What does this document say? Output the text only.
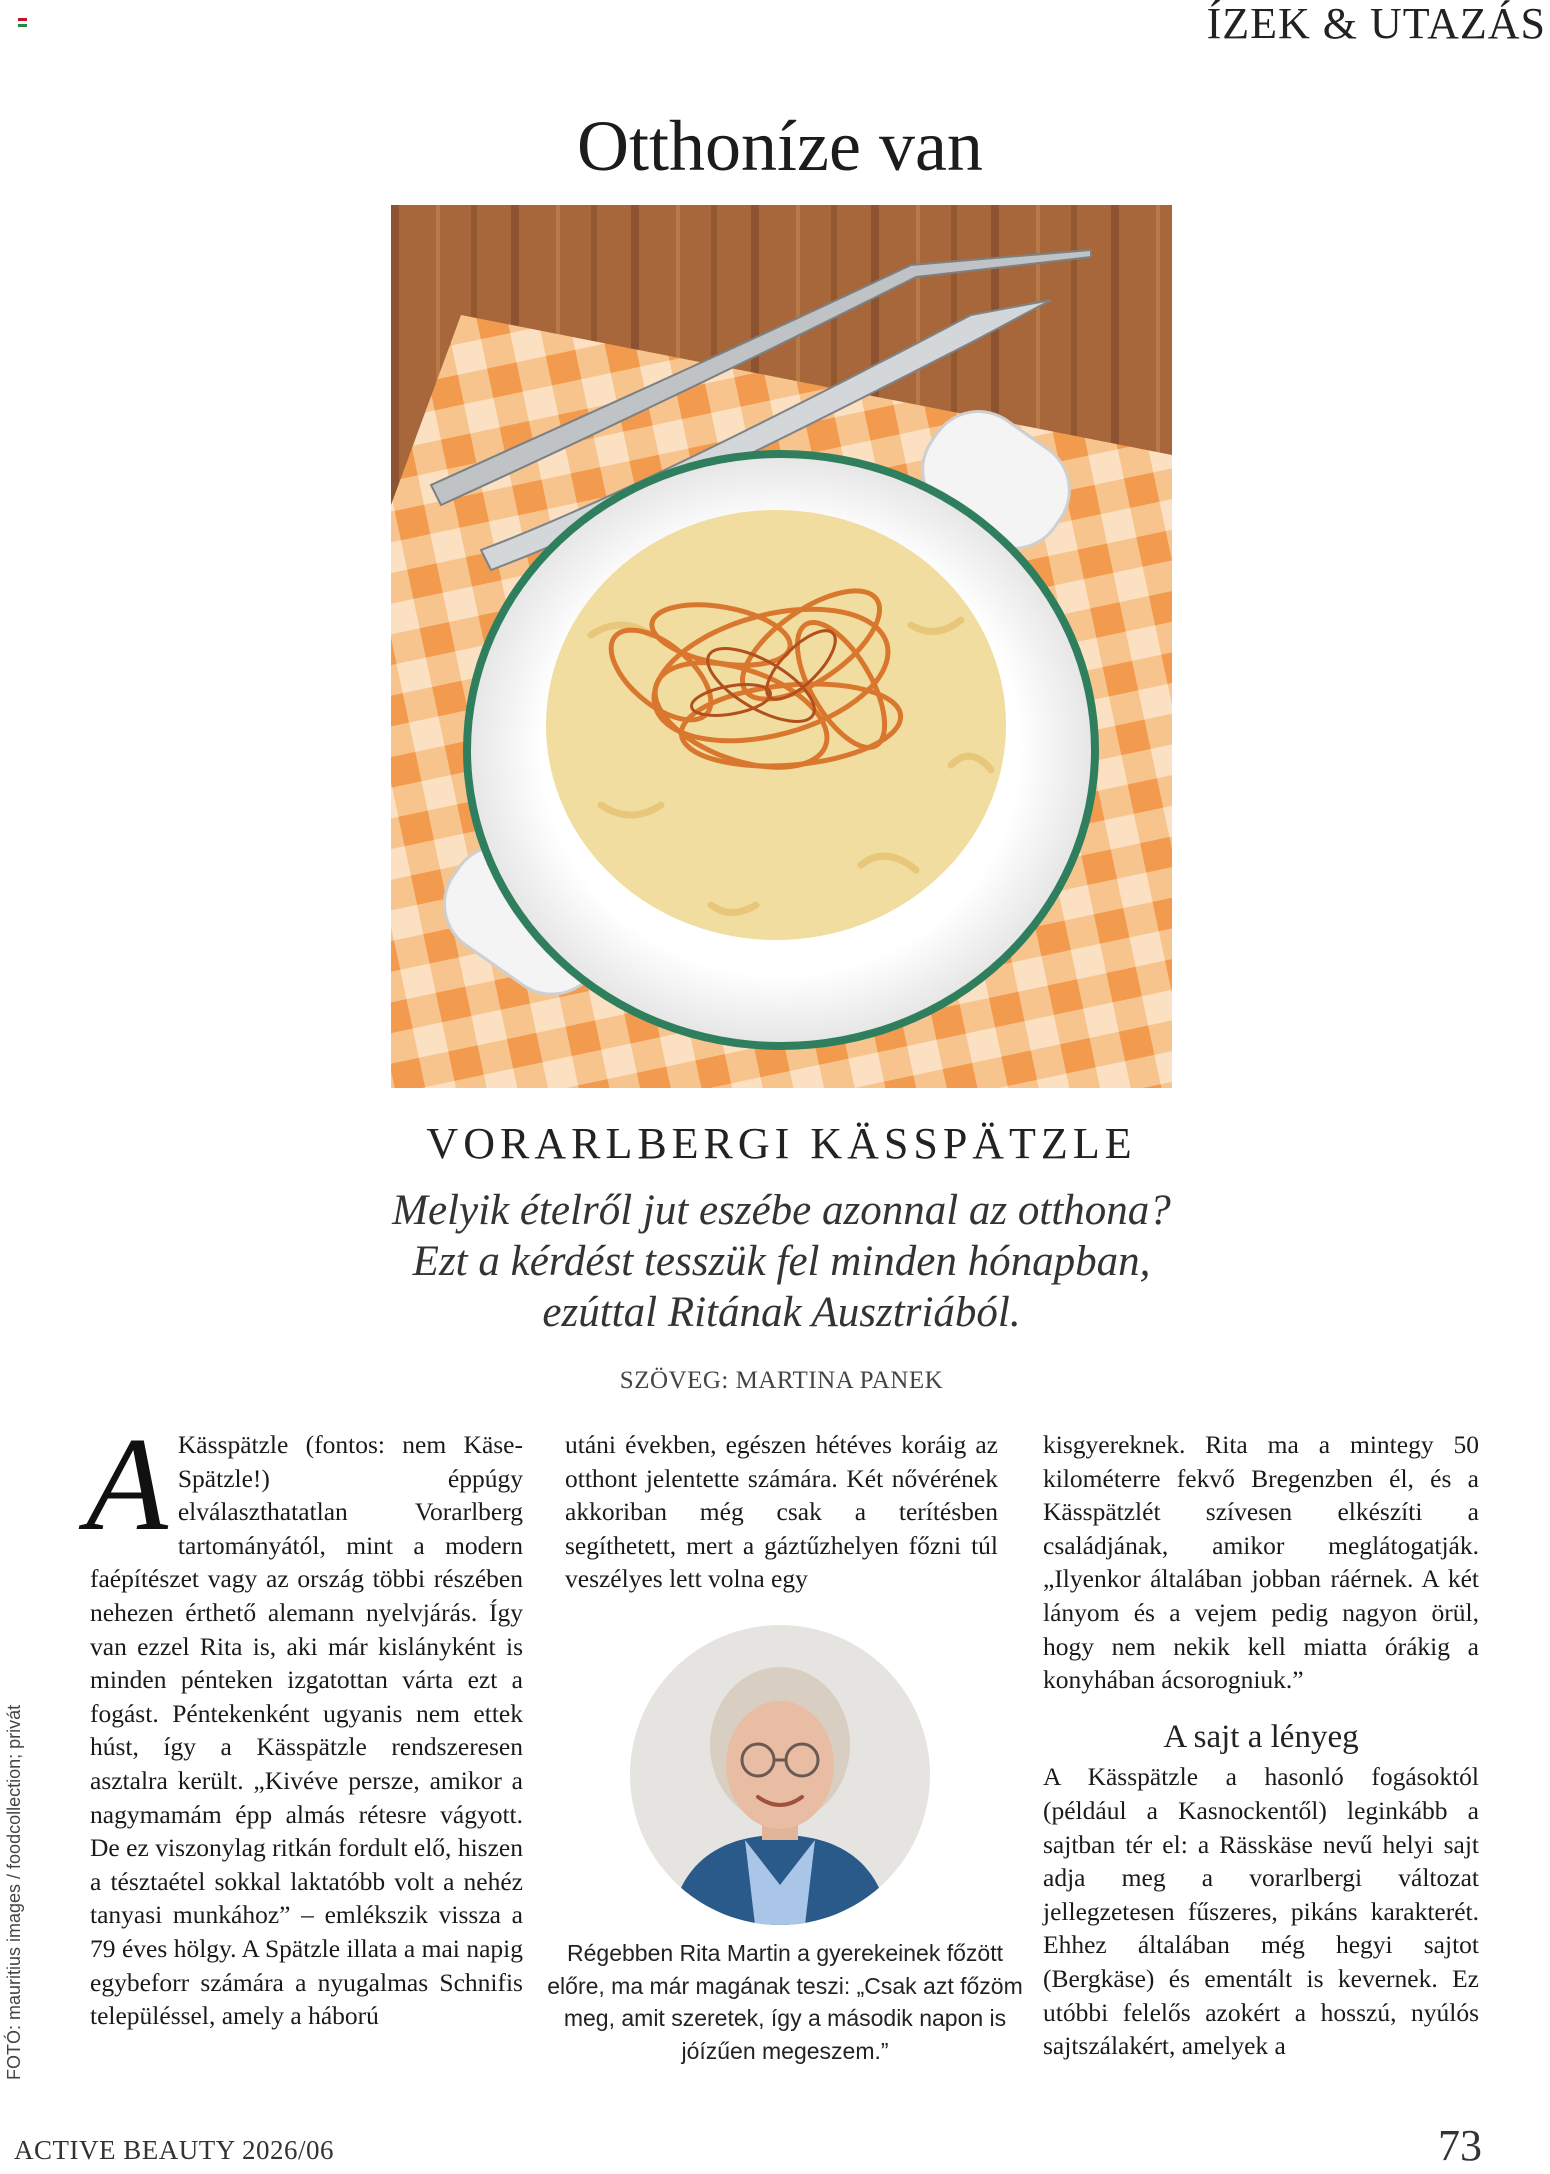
ÍZEK & UTAZÁS
Otthoníze van
VORARLBERGI KÄSSPÄTZLE
Melyik ételről jut eszébe azonnal az otthona?
Ezt a kérdést tesszük fel minden hónapban,
ezúttal Ritának Ausztriából.
SZÖVEG: MARTINA PANEK
FOTÓ: mauritius images / foodcollection; privát
A Kässpätzle (fontos: nem Käse-Spätzle!) éppúgy elválaszthatatlan Vorarlberg tartományától, mint a modern faépítészet vagy az ország többi részében nehezen érthető alemann nyelvjárás. Így van ezzel Rita is, aki már kislányként is minden pénteken izgatottan várta ezt a fogást. Péntekenként ugyanis nem ettek húst, így a Kässpätzle rendszeresen asztalra került. „Kivéve persze, amikor a nagymamám épp almás rétesre vágyott. De ez viszonylag ritkán fordult elő, hiszen a tésztaétel sokkal laktatóbb volt a nehéz tanyasi munkához” – emlékszik vissza a 79 éves hölgy. A Spätzle illata a mai napig egybeforr számára a nyugalmas Schnifis településsel, amely a háború

utáni években, egészen hétéves koráig az otthont jelentette számára. Két nővérének akkoriban még csak a terítésben segíthetett, mert a gáztűzhelyen főzni túl veszélyes lett volna egy

Régebben Rita Martin a gyerekeinek főzött előre, ma már magának teszi: „Csak azt főzöm meg, amit szeretek, így a második napon is jóízűen megeszem.”

kisgyereknek. Rita ma a mintegy 50 kilométerre fekvő Bregenzben él, és a Kässpätzlét szívesen elkészíti a családjának, amikor meglátogatják. „Ilyenkor általában jobban ráérnek. A két lányom és a vejem pedig nagyon örül, hogy nem nekik kell miatta órákig a konyhában ácsorogniuk.”

A sajt a lényeg

A Kässpätzle a hasonló fogásoktól (például a Kasnockentől) leginkább a sajtban tér el: a Rässkäse nevű helyi sajt adja meg a vorarlbergi változat jellegzetesen fűszeres, pikáns karakterét. Ehhez általában még hegyi sajtot (Bergkäse) és ementált is kevernek. Ez utóbbi felelős azokért a hosszú, nyúlós sajtszálakért, amelyek a

ACTIVE BEAUTY 2026/06	73
